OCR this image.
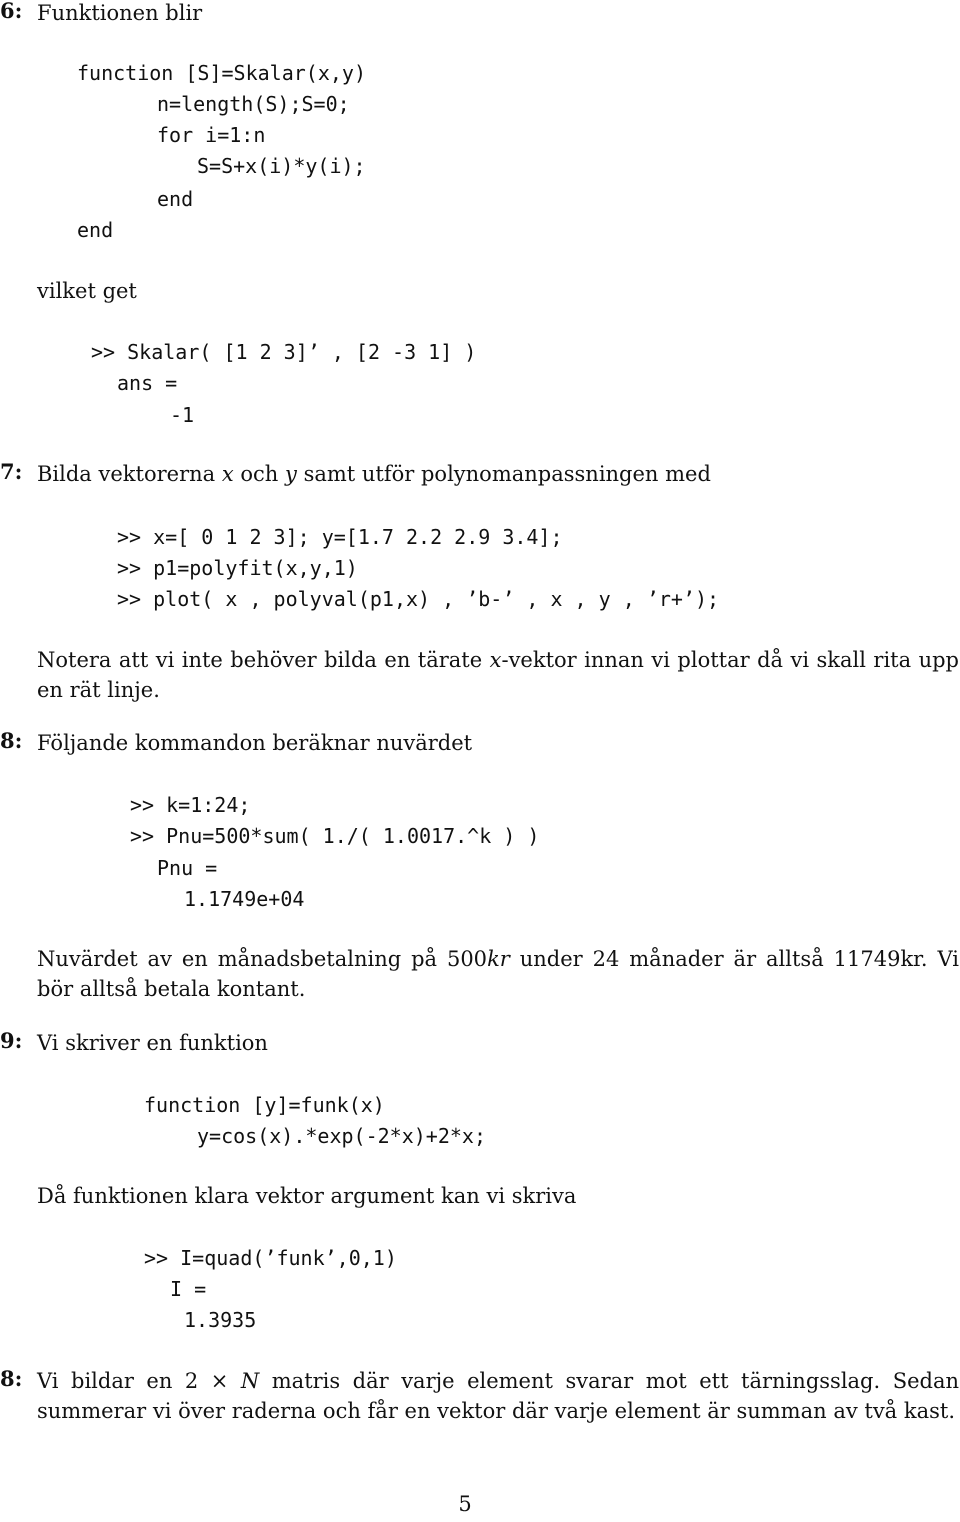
6: Funktionen blir
function [S]=Skalar(x,y)
n=length(S);S=0;
for i=1:n
S=S+x(i)*y(i);
end
end
vilket get
>> Skalar( [1 2 3]’ , [2 -3 1] )
ans =
-1
7: Bilda vektorerna x och y samt utför polynomanpassningen med
>> x=[ 0 1 2 3]; y=[1.7 2.2 2.9 3.4];
>> p1=polyfit(x,y,1)
>> plot( x , polyval(p1,x) , ’b-’ , x , y , ’r+’);
Notera att vi inte behöver bilda en tärate x-vektor innan vi plottar då vi skall rita upp en rät linje.
8: Följande kommandon beräknar nuvärdet
>> k=1:24;
>> Pnu=500*sum( 1./( 1.0017.^k ) )
Pnu =
1.1749e+04
Nuvärdet av en månadsbetalning på 500kr under 24 månader är alltså 11749kr. Vi bör alltså betala kontant.
9: Vi skriver en funktion
function [y]=funk(x)
y=cos(x).*exp(-2*x)+2*x;
Då funktionen klara vektor argument kan vi skriva
>> I=quad(’funk’,0,1)
I =
1.3935
8: Vi bildar en 2 × N matris där varje element svarar mot ett tärningsslag. Sedan summerar vi över raderna och får en vektor där varje element är summan av två kast.
5
